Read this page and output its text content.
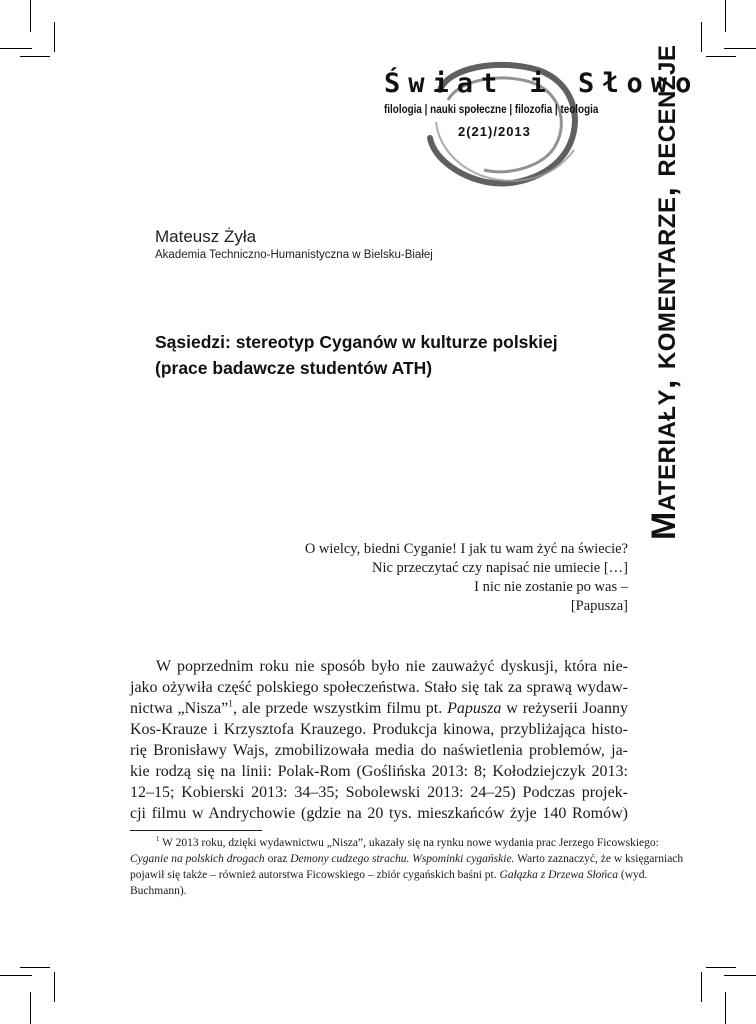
Świat i Słowo
filologia | nauki społeczne | filozofia | teologia
2(21)/2013	Materiały, komentarze, recenzje
Mateusz Żyła
Akademia Techniczno-Humanistyczna w Bielsku-Białej
Sąsiedzi: stereotyp Cyganów w kulturze polskiej
(prace badawcze studentów ATH)
O wielcy, biedni Cyganie! I jak tu wam żyć na świecie?
Nic przeczytać czy napisać nie umiecie […]
I nic nie zostanie po was –
[Papusza]
W poprzednim roku nie sposób było nie zauważyć dyskusji, która nie-
jako ożywiła część polskiego społeczeństwa. Stało się tak za sprawą wydaw-
nictwa „Nisza”$^1$, ale przede wszystkim filmu pt. Papusza w reżyserii Joanny
Kos-Krauze i Krzysztofa Krauzego. Produkcja kinowa, przybliżająca histo-
rię Bronisławy Wajs, zmobilizowała media do naświetlenia problemów, ja-
kie rodzą się na linii: Polak-Rom (Goślińska 2013: 8; Kołodziejczyk 2013:
12–15; Kobierski 2013: 34–35; Sobolewski 2013: 24–25) Podczas projek-
cji filmu w Andrychowie (gdzie na 20 tys. mieszkańców żyje 140 Romów)
$^1$ W 2013 roku, dzięki wydawnictwu „Nisza”, ukazały się na rynku nowe wydania prac Jerzego Ficowskiego:
Cyganie na polskich drogach oraz Demony cudzego strachu. Wspominki cygańskie. Warto zaznaczyć, że w księgarniach
pojawił się także – również autorstwa Ficowskiego – zbiór cygańskich baśni pt. Gałązka z Drzewa Słońca (wyd.
Buchmann).
